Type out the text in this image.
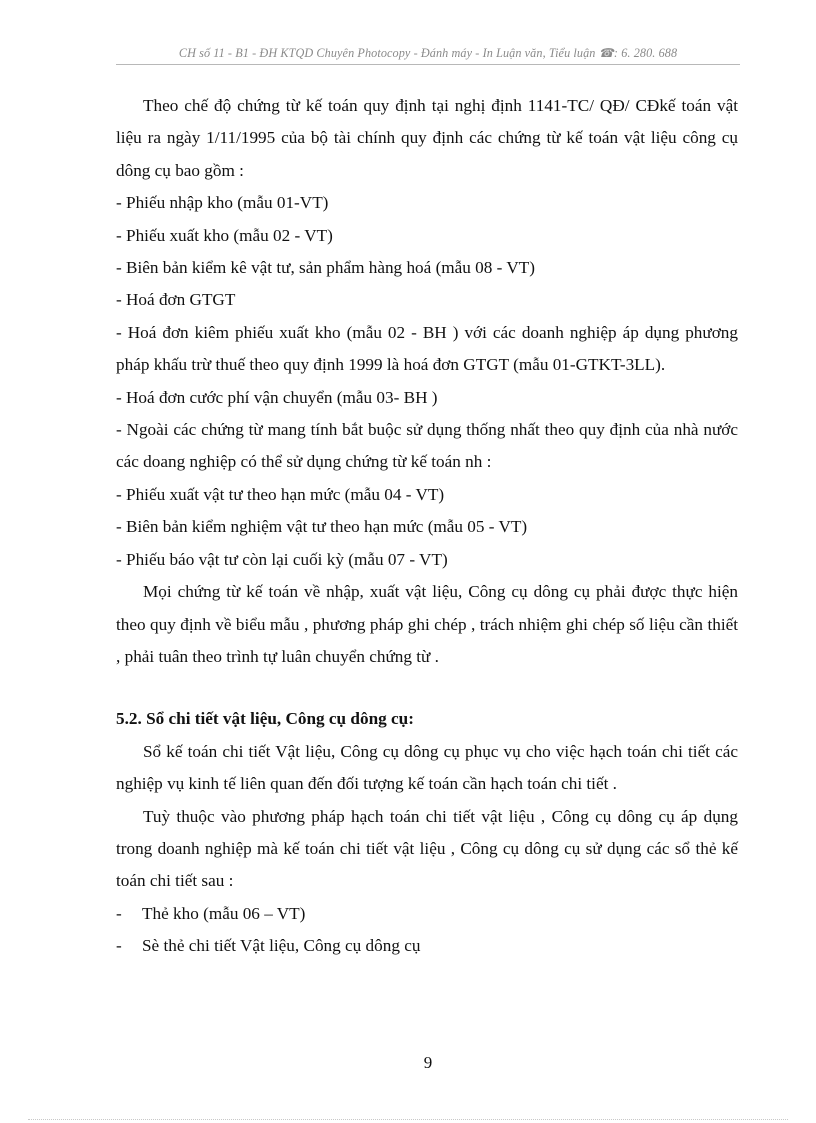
CH số 11 - B1 - ĐH KTQD Chuyên Photocopy - Đánh máy - In Luận văn, Tiểu luận ☎: 6. 280. 688

Theo chế độ chứng từ kế toán quy định tại nghị định 1141-TC/ QĐ/ CĐkế toán vật liệu ra ngày 1/11/1995 của bộ tài chính quy định các chứng từ kế toán vật liệu công cụ dông cụ bao gồm :

- Phiếu nhập kho (mẫu 01-VT)

- Phiếu xuất kho (mẫu 02 - VT)

- Biên bản kiểm kê vật tư, sản phẩm hàng hoá (mẫu 08 - VT)

- Hoá đơn GTGT

- Hoá đơn kiêm phiếu xuất kho (mẫu 02 - BH ) với các doanh nghiệp áp dụng phương pháp khấu trừ thuế theo quy định 1999 là hoá đơn GTGT (mẫu 01-GTKT-3LL).

- Hoá đơn cước phí vận chuyển (mẫu 03- BH )

- Ngoài các chứng từ mang tính bắt buộc sử dụng thống nhất theo quy định của nhà nước các doang nghiệp có thể sử dụng chứng từ kế toán nh :

- Phiếu xuất vật tư theo hạn mức (mẫu 04 - VT)

- Biên bản kiểm nghiệm vật tư theo hạn mức (mẫu 05 - VT)

- Phiếu báo vật tư còn lại cuối kỳ (mẫu 07 - VT)

Mọi chứng từ kế toán về nhập, xuất vật liệu, Công cụ dông cụ phải được thực hiện theo quy định về biểu mẫu , phương pháp ghi chép , trách nhiệm ghi chép số liệu cần thiết , phải tuân theo trình tự luân chuyển chứng từ .

5.2. Sổ chi tiết vật liệu, Công cụ dông cụ:

Sổ kế toán chi tiết Vật liệu, Công cụ dông cụ phục vụ cho việc hạch toán chi tiết các nghiệp vụ kinh tế liên quan đến đối tượng kế toán cần hạch toán chi tiết .

Tuỳ thuộc vào phương pháp hạch toán chi tiết vật liệu , Công cụ dông cụ áp dụng trong doanh nghiệp mà kế toán chi tiết vật liệu , Công cụ dông cụ sử dụng các sổ thẻ kế toán chi tiết sau :

-	Thẻ kho (mẫu 06 – VT)
-	Sè thẻ chi tiết Vật liệu, Công cụ dông cụ
9
